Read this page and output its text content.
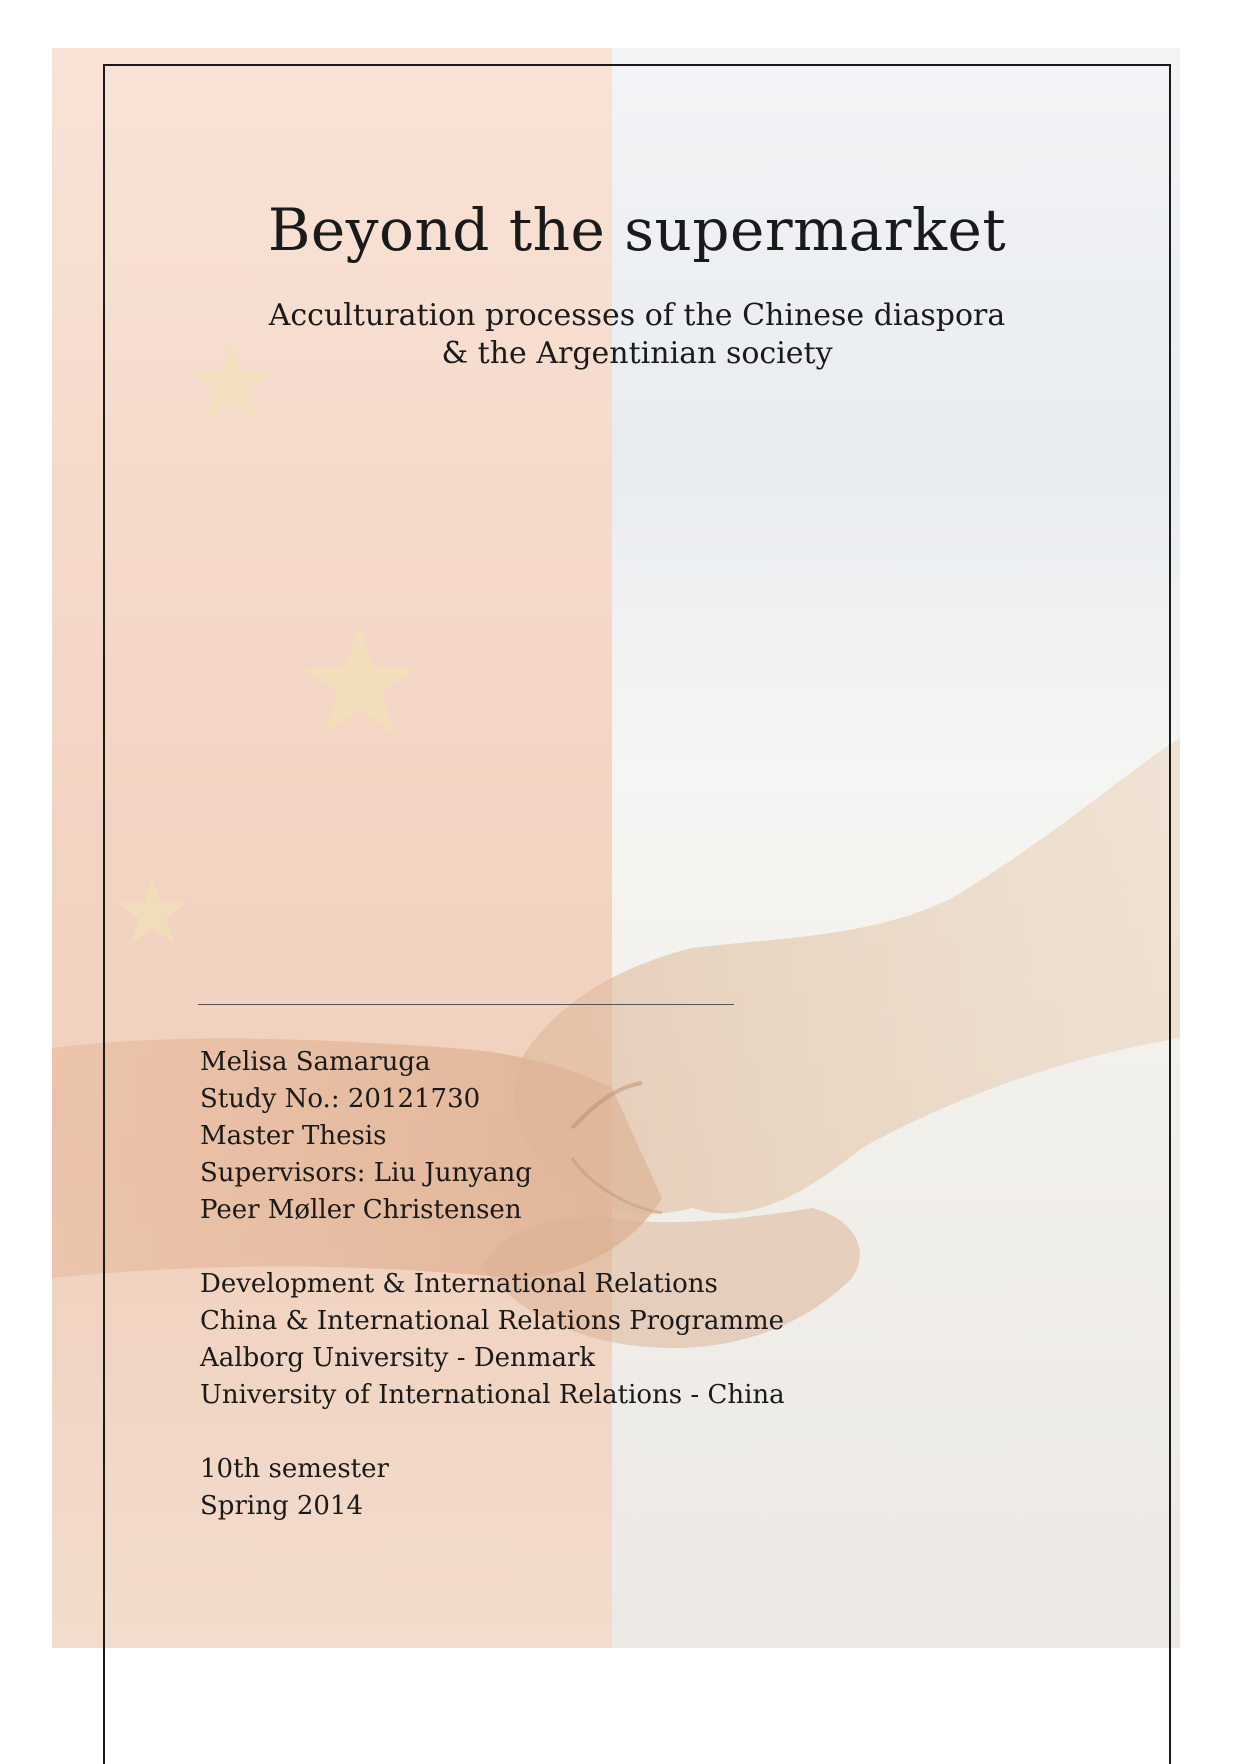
★
★
★
Beyond the supermarket
Acculturation processes of the Chinese diaspora
& the Argentinian society
Melisa Samaruga
Study No.: 20121730
Master Thesis
Supervisors: Liu Junyang
Peer Møller Christensen
Development & International Relations
China & International Relations Programme
Aalborg University - Denmark
University of International Relations - China
10th semester
Spring 2014
